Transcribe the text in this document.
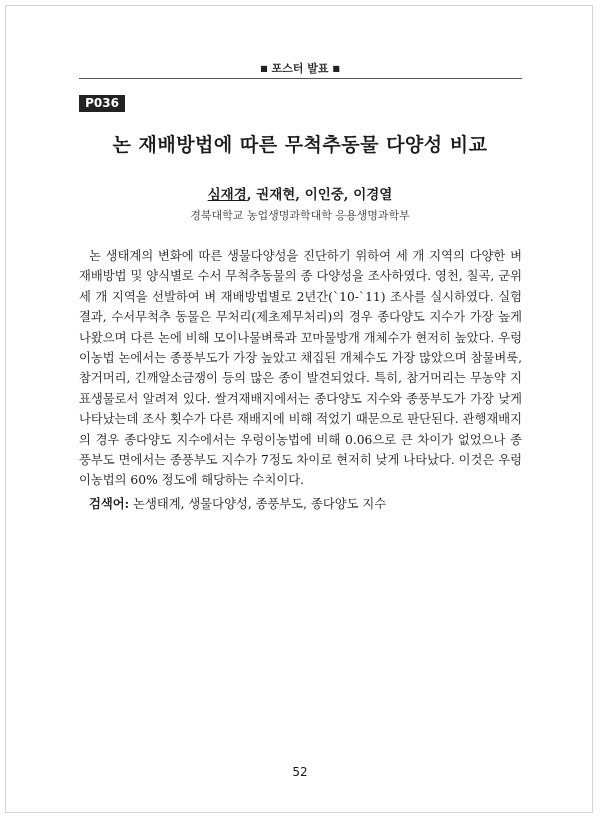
■ 포스터 발표 ■
P036
논 재배방법에 따른 무척추동물 다양성 비교
심재경, 권재현, 이인중, 이경열
경북대학교 농업생명과학대학 응용생명과학부

논 생태계의 변화에 따른 생물다양성을 진단하기 위하여 세 개 지역의 다양한 벼 재배방법 및 양식별로 수서 무척추동물의 종 다양성을 조사하였다. 영천, 칠곡, 군위 세 개 지역을 선발하여 벼 재배방법별로 2년간(`10-`11) 조사를 실시하였다. 실험결과, 수서무척추 동물은 무처리(제초제무처리)의 경우 종다양도 지수가 가장 높게 나왔으며 다른 논에 비해 모이나물벼룩과 꼬마물방개 개체수가 현저히 높았다. 우렁이농법 논에서는 종풍부도가 가장 높았고 채집된 개체수도 가장 많았으며 참물벼룩, 참거머리, 긴깨알소금쟁이 등의 많은 종이 발견되었다. 특히, 참거머리는 무농약 지표생물로서 알려져 있다. 쌀겨재배지에서는 종다양도 지수와 종풍부도가 가장 낮게 나타났는데 조사 횟수가 다른 재배지에 비해 적었기 때문으로 판단된다. 관행재배지의 경우 종다양도 지수에서는 우렁이농법에 비해 0.06으로 큰 차이가 없었으나 종풍부도 면에서는 종풍부도 지수가 7정도 차이로 현저히 낮게 나타났다. 이것은 우렁이농법의 60% 정도에 해당하는 수치이다.

검색어: 논생태계, 생물다양성, 종풍부도, 종다양도 지수
52
